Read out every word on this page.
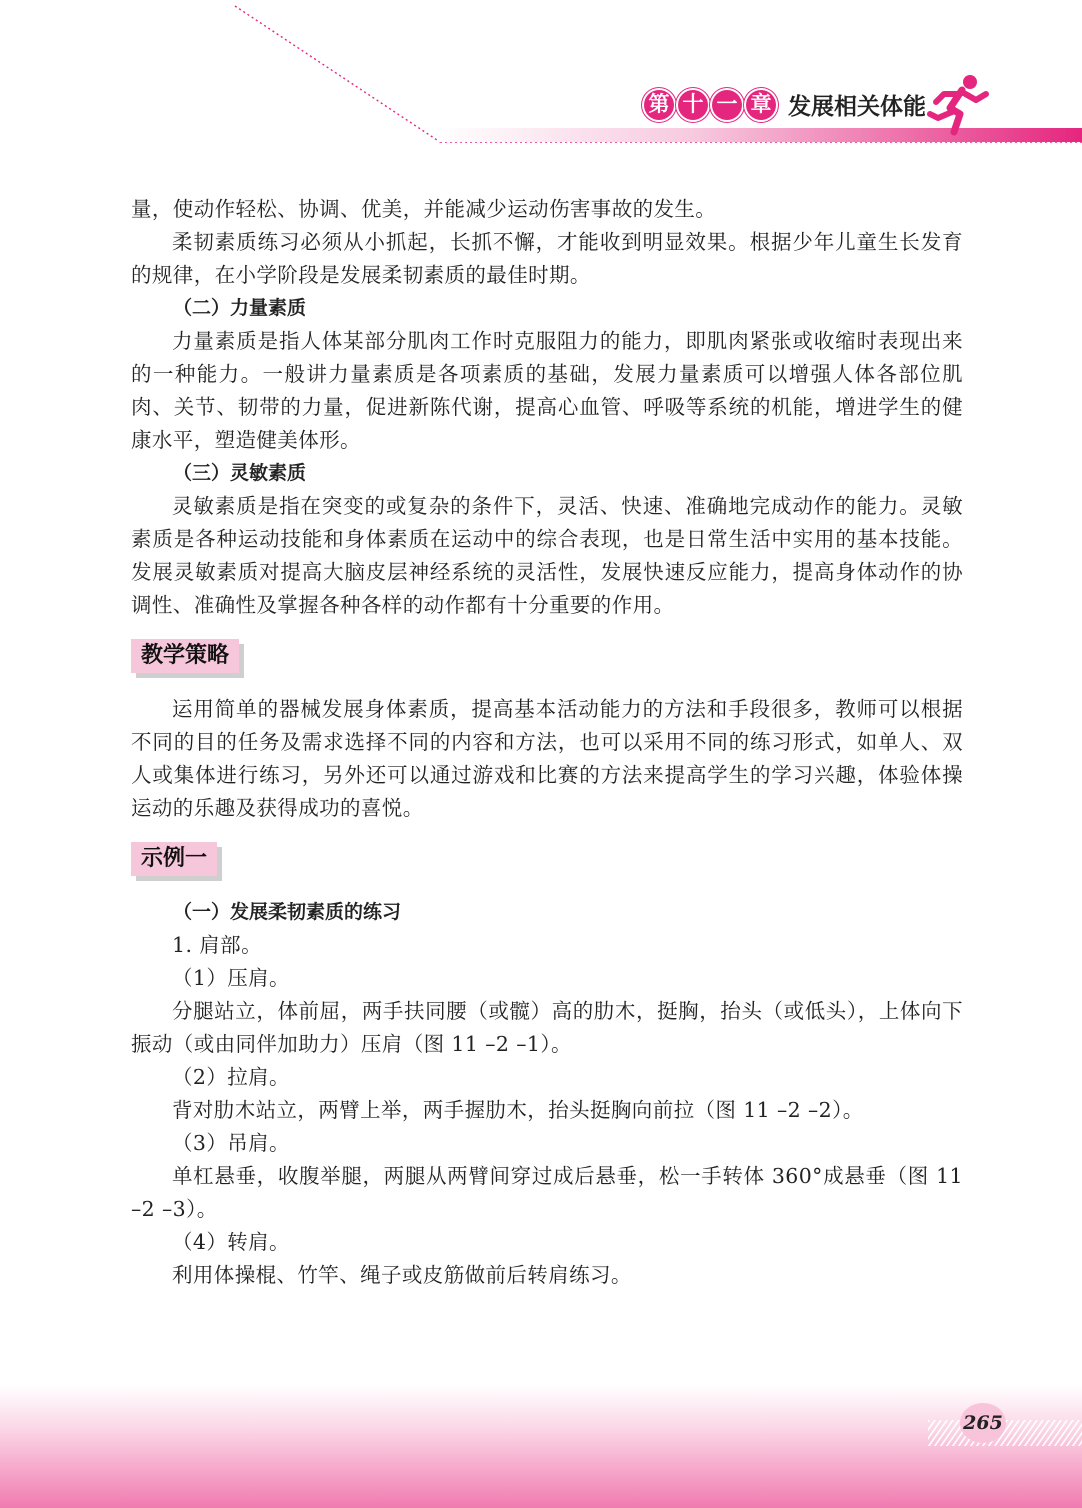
第 十 一 章 发展相关体能

量，使动作轻松、协调、优美，并能减少运动伤害事故的发生。

柔韧素质练习必须从小抓起，长抓不懈，才能收到明显效果。根据少年儿童生长发育的规律，在小学阶段是发展柔韧素质的最佳时期。

（二）力量素质

力量素质是指人体某部分肌肉工作时克服阻力的能力，即肌肉紧张或收缩时表现出来的一种能力。一般讲力量素质是各项素质的基础，发展力量素质可以增强人体各部位肌肉、关节、韧带的力量，促进新陈代谢，提高心血管、呼吸等系统的机能，增进学生的健康水平，塑造健美体形。

（三）灵敏素质

灵敏素质是指在突变的或复杂的条件下，灵活、快速、准确地完成动作的能力。灵敏素质是各种运动技能和身体素质在运动中的综合表现，也是日常生活中实用的基本技能。发展灵敏素质对提高大脑皮层神经系统的灵活性，发展快速反应能力，提高身体动作的协调性、准确性及掌握各种各样的动作都有十分重要的作用。

教学策略

运用简单的器械发展身体素质，提高基本活动能力的方法和手段很多，教师可以根据不同的目的任务及需求选择不同的内容和方法，也可以采用不同的练习形式，如单人、双人或集体进行练习，另外还可以通过游戏和比赛的方法来提高学生的学习兴趣，体验体操运动的乐趣及获得成功的喜悦。

示例一
（一）发展柔韧素质的练习

1. 肩部。

（1）压肩。

分腿站立，体前屈，两手扶同腰（或髋）高的肋木，挺胸，抬头（或低头），上体向下振动（或由同伴加助力）压肩（图 11 –2 –1）。

（2）拉肩。

背对肋木站立，两臂上举，两手握肋木，抬头挺胸向前拉（图 11 –2 –2）。

（3）吊肩。

单杠悬垂，收腹举腿，两腿从两臂间穿过成后悬垂，松一手转体 360°成悬垂（图 11 –2 –3）。

（4）转肩。

利用体操棍、竹竿、绳子或皮筋做前后转肩练习。

265
